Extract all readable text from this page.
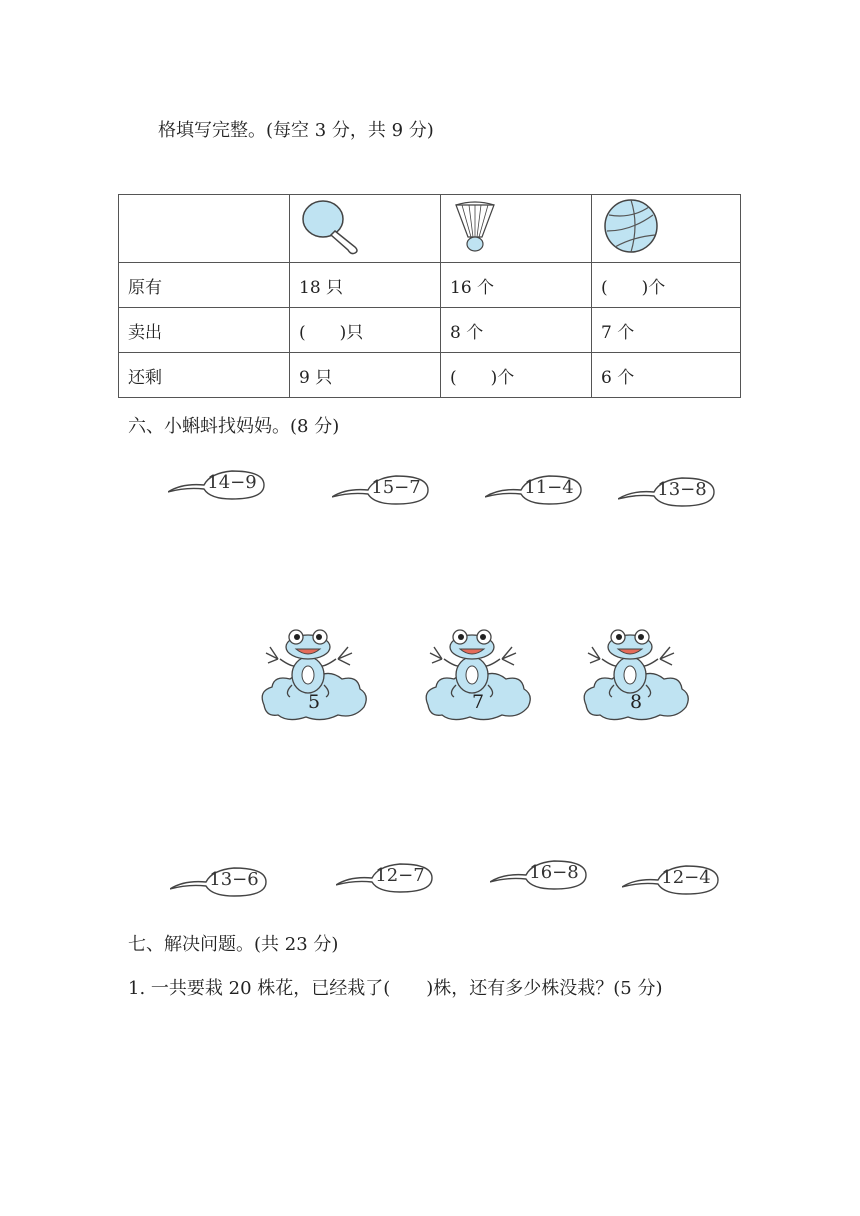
格填写完整。(每空 3 分，共 9 分)

原有	18 只	16 个	(　　)个
卖出	(　　)只	8 个	7 个
还剩	9 只	(　　)个	6 个
六、小蝌蚪找妈妈。(8 分)
14−9	15−7	11−4	13−8
5	7	8
13−6	12−7	16−8	12−4
七、解决问题。(共 23 分)
1. 一共要栽 20 株花，已经栽了(　　)株，还有多少株没栽？(5 分)
